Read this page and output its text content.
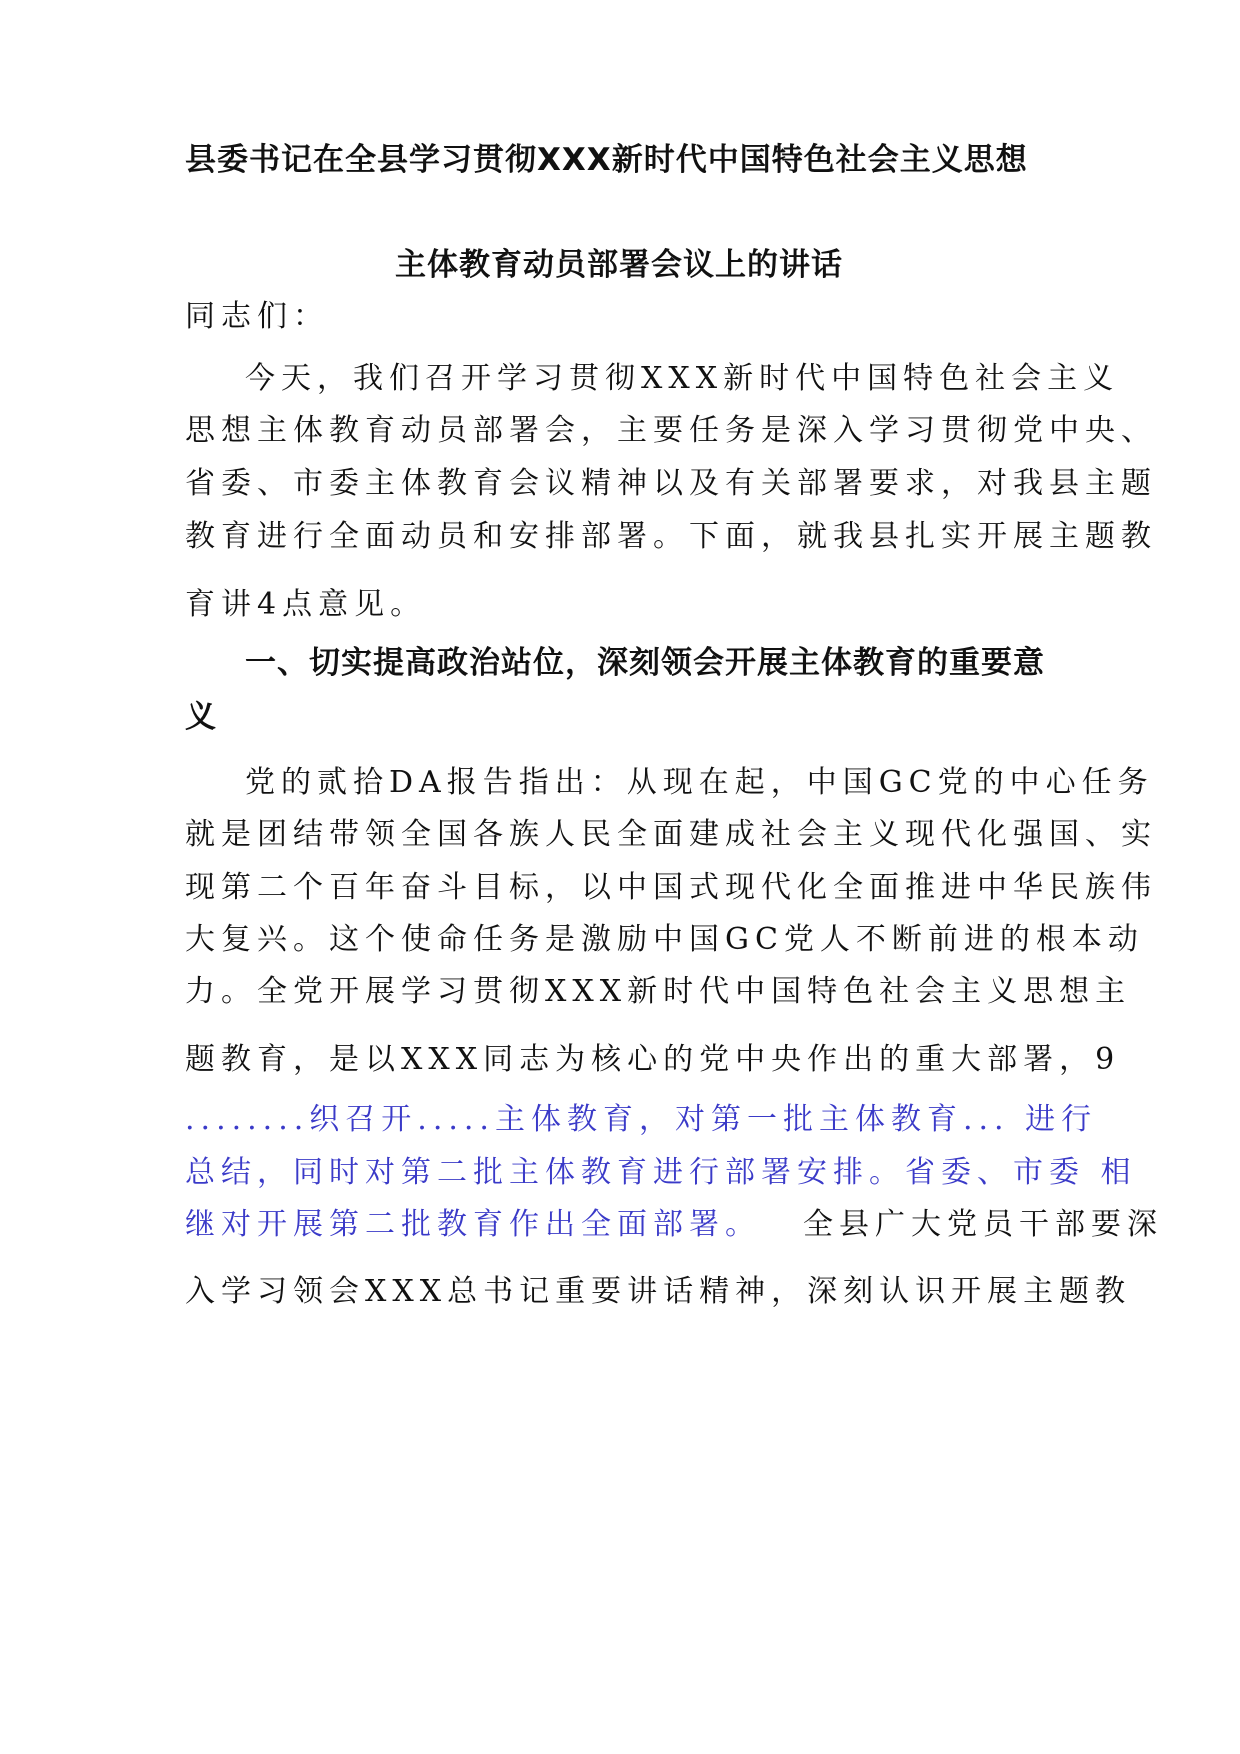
县委书记在全县学习贯彻XXX新时代中国特色社会主义思想
主体教育动员部署会议上的讲话

同志们：

今天，我们召开学习贯彻XXX新时代中国特色社会主义

思想主体教育动员部署会，主要任务是深入学习贯彻党中央、

省委、市委主体教育会议精神以及有关部署要求，对我县主题

教育进行全面动员和安排部署。下面，就我县扎实开展主题教

育讲4点意见。

一、切实提高政治站位，深刻领会开展主体教育的重要意
义

党的贰拾DA报告指出：从现在起，中国GC党的中心任务

就是团结带领全国各族人民全面建成社会主义现代化强国、实

现第二个百年奋斗目标，以中国式现代化全面推进中华民族伟

大复兴。这个使命任务是激励中国GC党人不断前进的根本动

力。全党开展学习贯彻XXX新时代中国特色社会主义思想主

题教育，是以XXX同志为核心的党中央作出的重大部署，9

........织召开.....主体教育，对第一批主体教育... 进行

总结，同时对第二批主体教育进行部署安排。省委、市委 相

继对开展第二批教育作出全面部署。 全县广大党员干部要深

入学习领会XXX总书记重要讲话精神，深刻认识开展主题教
